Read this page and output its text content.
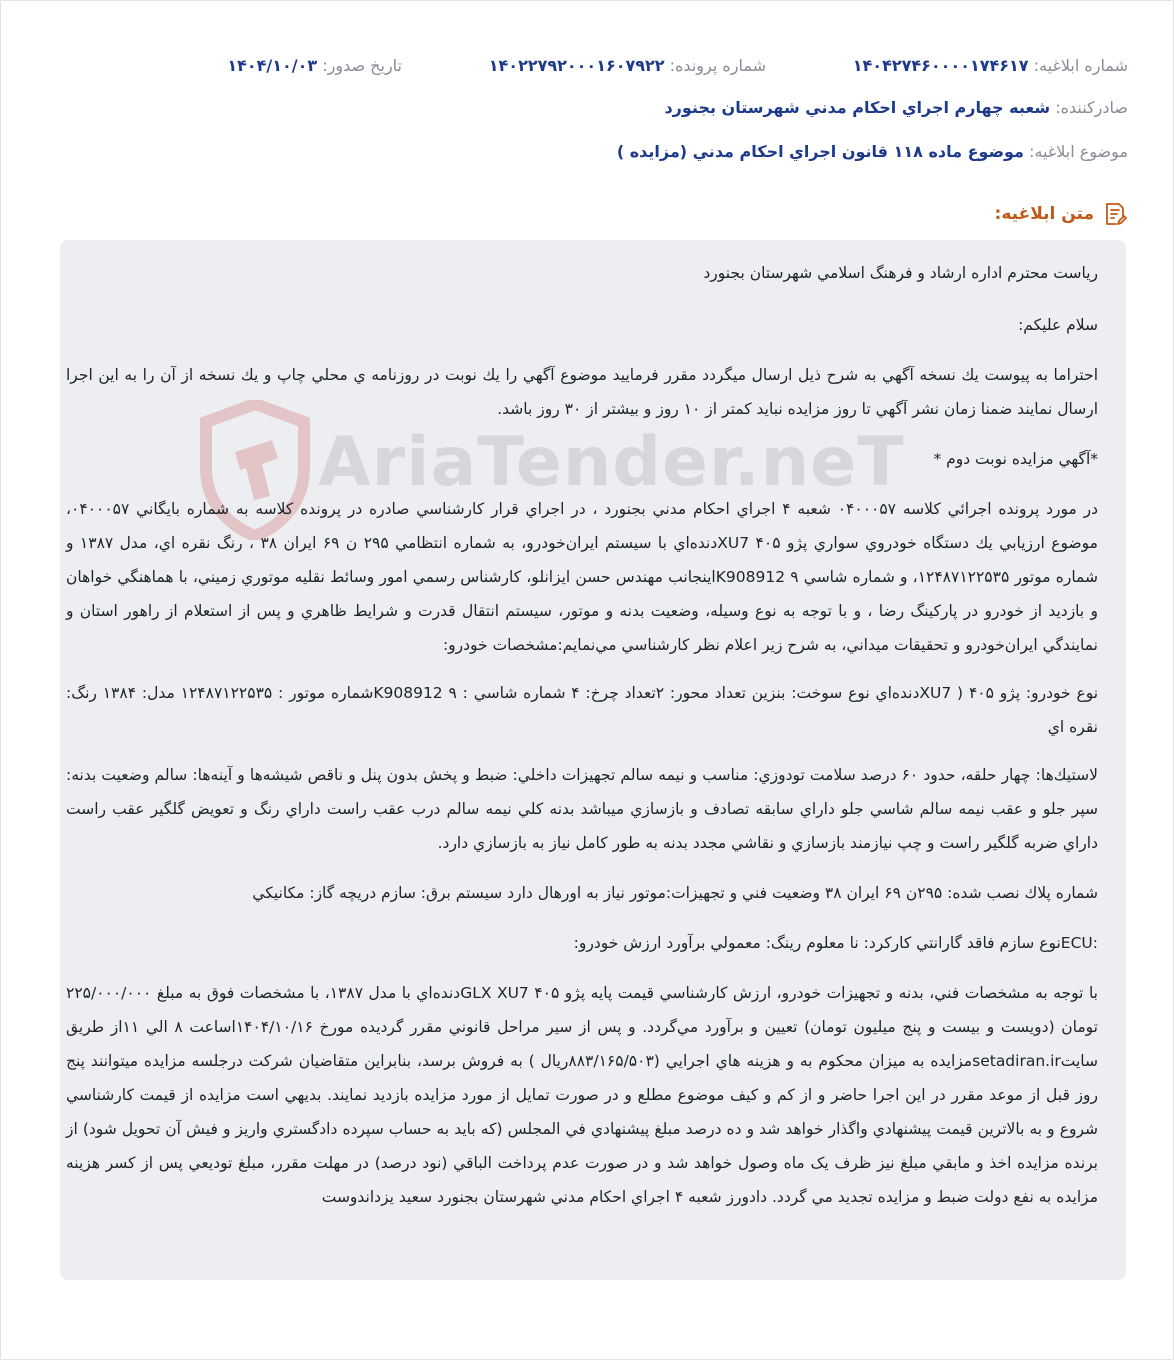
شماره ابلاغيه: ۱۴۰۴۲۷۴۶۰۰۰۰۱۷۴۶۱۷
شماره پرونده: ۱۴۰۲۲۷۹۲۰۰۰۱۶۰۷۹۲۲
تاريخ صدور: ۱۴۰۴/۱۰/۰۳
صادرکننده: شعبه چهارم اجراي احکام مدني شهرستان بجنورد
موضوع ابلاغيه: موضوع ماده ۱۱۸ قانون اجراي احكام مدني (مزايده )
متن ابلاغيه:
AriaTender.neT
رياست محترم اداره ارشاد و فرهنگ اسلامي شهرستان بجنورد
سلام عليکم:
احتراما به پيوست يك نسخه آگهي به شرح ذيل ارسال ميگردد مقرر فرماييد موضوع آگهي را يك نوبت در روزنامه ي محلي چاپ و يك نسخه از آن را به اين اجرا ارسال نمايند ضمنا زمان نشر آگهي تا روز مزايده نبايد كمتر از ۱۰ روز و بيشتر از ۳۰ روز باشد.
*آگهي مزايده نوبت دوم *
در مورد پرونده اجرائي كلاسه ۰۴۰۰۰۵۷ شعبه ۴ اجراي احكام مدني بجنورد ، در اجراي قرار كارشناسي صادره در پرونده كلاسه به شماره بايگاني ۰۴۰۰۰۵۷، موضوع ارزيابي يك دستگاه خودروي سواري پژو ۴۰۵ XU7دنده‌اي با سيستم ايران‌خودرو، به شماره انتظامي ۲۹۵ ن ۶۹ ايران ۳۸ ، رنگ نقره اي، مدل ۱۳۸۷ و شماره موتور ۱۲۴۸۷۱۲۲۵۳۵، و شماره شاسي ۹ K908912اينجانب مهندس حسن ايزانلو، كارشناس رسمي امور وسائط نقليه موتوري زميني، با هماهنگي خواهان و بازديد از خودرو در پاركينگ رضا ، و با توجه به نوع وسيله، وضعيت بدنه و موتور، سيستم انتقال قدرت و شرايط ظاهري و پس از استعلام از راهور استان و نمايندگي ايران‌خودرو و تحقيقات ميداني، به شرح زير اعلام نظر كارشناسي مي‌نمايم:مشخصات خودرو:
نوع خودرو: پژو ۴۰۵ ( XU7دنده‌اي نوع سوخت: بنزين تعداد محور: ۲تعداد چرخ: ۴ شماره شاسي : ۹ K908912شماره موتور : ۱۲۴۸۷۱۲۲۵۳۵ مدل: ۱۳۸۴ رنگ: نقره اي
لاستيك‌ها: چهار حلقه، حدود ۶۰ درصد سلامت تودوزي: مناسب و نيمه سالم تجهيزات داخلي: ضبط و پخش بدون پنل و ناقص شيشه‌ها و آينه‌ها: سالم وضعيت بدنه: سپر جلو و عقب نيمه سالم شاسي جلو داراي سابقه تصادف و بازسازي ميباشد بدنه كلي نيمه سالم درب عقب راست داراي رنگ و تعويض گلگير عقب راست داراي ضربه گلگير راست و چپ نيازمند بازسازي و نقاشي مجدد بدنه به طور كامل نياز به بازسازي دارد.
شماره پلاك نصب شده: ۲۹۵ن ۶۹ ايران ۳۸ وضعيت فني و تجهيزات:موتور نياز به اورهال دارد سيستم برق: سازم دريچه گاز: مكانيكي
:ECUنوع سازم فاقد گارانتي كاركرد: نا معلوم رينگ: معمولي برآورد ارزش خودرو:
با توجه به مشخصات فني، بدنه و تجهيزات خودرو، ارزش كارشناسي قيمت پايه پژو ۴۰۵ GLX XU7دنده‌اي با مدل ۱۳۸۷، با مشخصات فوق به مبلغ ۲۲۵/۰۰۰/۰۰۰ تومان (دويست و بيست و پنج ميليون تومان) تعيين و برآورد مي‌گردد. و پس از سير مراحل قانوني مقرر گرديده مورخ ۱۴۰۴/۱۰/۱۶اساعت ۸ الي ۱۱از طريق سايتsetadiran.irمزايده به ميزان محکوم به و هزينه هاي اجرايي (۸۸۳/۱۶۵/۵۰۳ريال ) به فروش برسد، بنابراين متقاضيان شركت درجلسه مزايده ميتوانند پنج روز قبل از موعد مقرر در اين اجرا حاضر و از كم و كيف موضوع مطلع و در صورت تمايل از مورد مزايده بازديد نمايند. بديهي است مزايده از قيمت كارشناسي شروع و به بالاترين قيمت پيشنهادي واگذار خواهد شد و ده درصد مبلغ پيشنهادي في المجلس (كه بايد به حساب سپرده دادگستري واريز و فيش آن تحويل شود) از برنده مزايده اخذ و مابقي مبلغ نيز ظرف يک ماه وصول خواهد شد و در صورت عدم پرداخت الباقي (نود درصد) در مهلت مقرر، مبلغ توديعي پس از كسر هزينه مزايده به نفع دولت ضبط و مزايده تجديد مي گردد. دادورز شعبه ۴ اجراي احكام مدني شهرستان بجنورد سعيد يزداندوست
